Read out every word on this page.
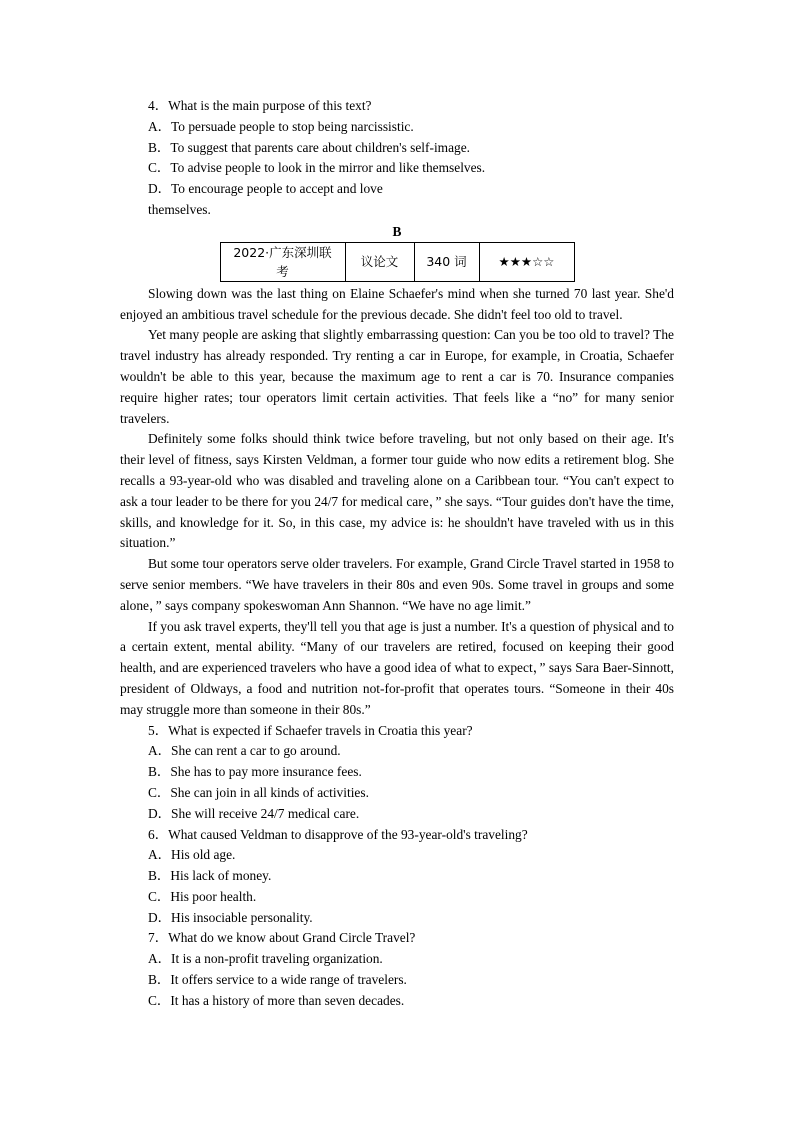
4．What is the main purpose of this text?
A．To persuade people to stop being narcissistic.
B．To suggest that parents care about children's self-image.
C．To advise people to look in the mirror and like themselves.
D．To encourage people to accept and love
themselves.
B
2022·广东深圳联考	议论文	340 词	★★★☆☆

Slowing down was the last thing on Elaine Schaefer's mind when she turned 70 last year. She'd enjoyed an ambitious travel schedule for the previous decade. She didn't feel too old to travel.

Yet many people are asking that slightly embarrassing question: Can you be too old to travel? The travel industry has already responded. Try renting a car in Europe, for example, in Croatia, Schaefer wouldn't be able to this year, because the maximum age to rent a car is 70. Insurance companies require higher rates; tour operators limit certain activities. That feels like a “no” for many senior travelers.

Definitely some folks should think twice before traveling, but not only based on their age. It's their level of fitness, says Kirsten Veldman, a former tour guide who now edits a retirement blog. She recalls a 93-year-old who was disabled and traveling alone on a Caribbean tour. “You can't expect to ask a tour leader to be there for you 24/7 for medical care，” she says. “Tour guides don't have the time, skills, and knowledge for it. So, in this case, my advice is: he shouldn't have traveled with us in this situation.”

But some tour operators serve older travelers. For example, Grand Circle Travel started in 1958 to serve senior members. “We have travelers in their 80s and even 90s. Some travel in groups and some alone，” says company spokeswoman Ann Shannon. “We have no age limit.”

If you ask travel experts, they'll tell you that age is just a number. It's a question of physical and to a certain extent, mental ability. “Many of our travelers are retired, focused on keeping their good health, and are experienced travelers who have a good idea of what to expect，” says Sara Baer-Sinnott, president of Oldways, a food and nutrition not-for-profit that operates tours. “Someone in their 40s may struggle more than someone in their 80s.”

5．What is expected if Schaefer travels in Croatia this year?
A．She can rent a car to go around.
B．She has to pay more insurance fees.
C．She can join in all kinds of activities.
D．She will receive 24/7 medical care.
6．What caused Veldman to disapprove of the 93-year-old's traveling?
A．His old age.
B．His lack of money.
C．His poor health.
D．His insociable personality.
7．What do we know about Grand Circle Travel?
A．It is a non-profit traveling organization.
B．It offers service to a wide range of travelers.
C．It has a history of more than seven decades.
